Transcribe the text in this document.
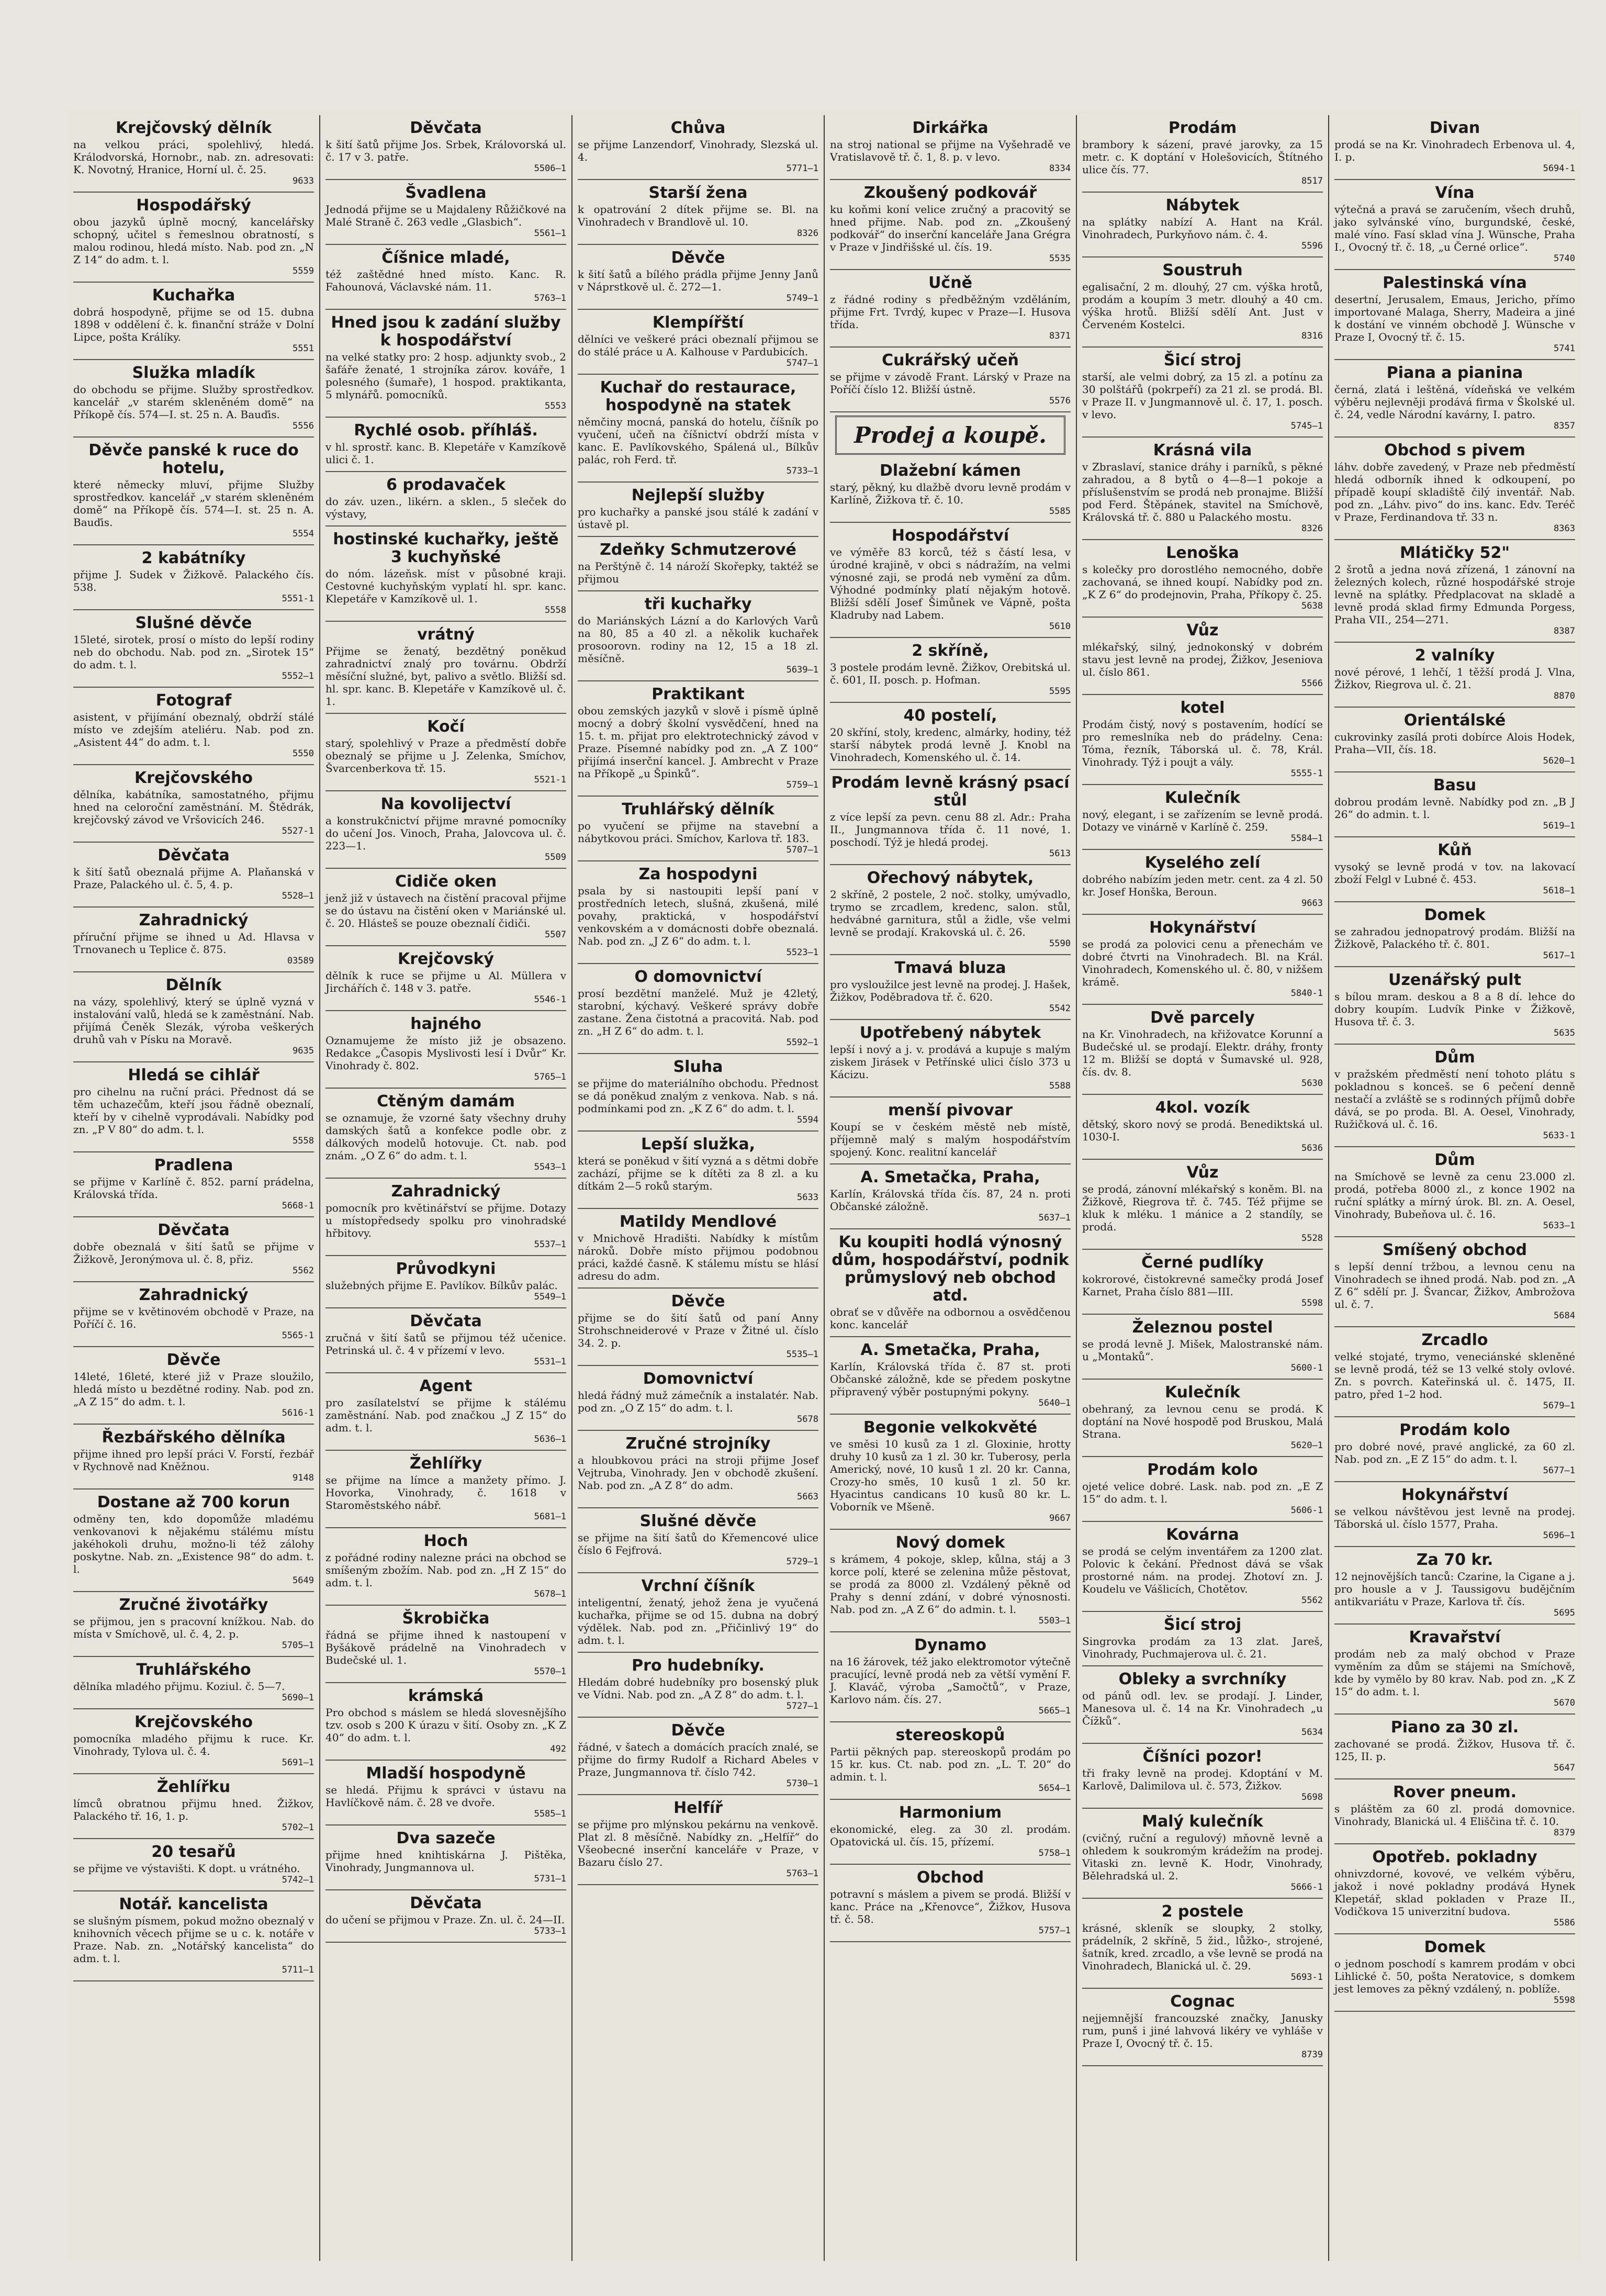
Krejčovský dělník
na velkou práci, spolehlivý, hledá. Králodvorská, Hornobr., nab. zn. adresovati: K. Novotný, Hranice, Horní ul. č. 25.
9633
Hospodářský
obou jazyků úplně mocný, kancelářsky schopný, učitel s řemeslnou obratností, s malou rodinou, hledá místo. Nab. pod zn. „N Z 14“ do adm. t. l.
5559
Kuchařka
dobrá hospodyně, přijme se od 15. dubna 1898 v oddělení č. k. finanční stráže v Dolní Lipce, pošta Králíky.
5551
Služka mladík
do obchodu se přijme. Služby sprostředkov. kancelář „v starém skleněném domě“ na Příkopě čís. 574—I. st. 25 n. A. Bauďis.
5556
Děvče panské k ruce do hotelu,
které německy mluví, přijme Služby sprostředkov. kancelář „v starém skleněném domě“ na Příkopě čís. 574—I. st. 25 n. A. Bauďis.
5554
2 kabátníky
přijme J. Sudek v Žižkově. Palackého čís. 538.
5551-1
Slušné děvče
15leté, sirotek, prosí o místo do lepší rodiny neb do obchodu. Nab. pod zn. „Sirotek 15“ do adm. t. l.
5552—1
Fotograf
asistent, v přijímání obeznalý, obdrží stálé místo ve zdejším ateliéru. Nab. pod zn. „Asistent 44“ do adm. t. l.
5550
Krejčovského
dělníka, kabátníka, samostatného, přijmu hned na celoroční zaměstnání. M. Štědrák, krejčovský závod ve Vršovicích 246.
5527-1
Děvčata
k šití šatů obeznalá přijme A. Plaňanská v Praze, Palackého ul. č. 5, 4. p.
5528—1
Zahradnický
příruční přijme se ihned u Ad. Hlavsa v Trnovanech u Teplice č. 875.
03589
Dělník
na vázy, spolehlivý, který se úplně vyzná v instalování valů, hledá se k zaměstnání. Nab. přijímá Čeněk Slezák, výroba veškerých druhů vah v Písku na Moravě.
9635
Hledá se cihlář
pro cihelnu na ruční práci. Přednost dá se těm uchazečům, kteří jsou řádně obeznalí, kteří by v cihelně vyprodávali. Nabídky pod zn. „P V 80“ do adm. t. l.
5558
Pradlena
se přijme v Karlíně č. 852. parní prádelna, Královská třída.
5668-1
Děvčata
dobře obeznalá v šití šatů se přijme v Žižkově, Jeronýmova ul. č. 8, přiz.
5562
Zahradnický
přijme se v květinovém obchodě v Praze, na Poříčí č. 16.
5565-1
Děvče
14leté, 16leté, které již v Praze sloužilo, hledá místo u bezdětné rodiny. Nab. pod zn. „A Z 15“ do adm. t. l.
5616-1
Řezbářského dělníka
přijme ihned pro lepší práci V. Forstí, řezbář v Rychnově nad Kněžnou.
9148
Dostane až 700 korun
odměny ten, kdo dopomůže mladému venkovanovi k nějakému stálému místu jakéhokoli druhu, možno-li též zálohy poskytne. Nab. zn. „Existence 98“ do adm. t. l.
5649
Zručné životářky
se přijmou, jen s pracovní knížkou. Nab. do místa v Smíchově, ul. č. 4, 2. p.
5705—1
Truhlářského
dělníka mladého přijmu. Koziul. č. 5—7.
5690—1
Krejčovského
pomocníka mladého přijmu k ruce. Kr. Vinohrady, Tylova ul. č. 4.
5691—1
Žehlířku
límců obratnou přijmu hned. Žižkov, Palackého tř. 16, 1. p.
5702—1
20 tesařů
se přijme ve výstavišti. K dopt. u vrátného.
5742—1
Notář. kancelista
se slušným písmem, pokud možno obeznalý v knihovních věcech přijme se u c. k. notáře v Praze. Nab. zn. „Notářský kancelista“ do adm. t. l.
5711—1
Děvčata
k šití šatů přijme Jos. Srbek, Královorská ul. č. 17 v 3. patře.
5506—1
Švadlena
Jednodá přijme se u Majdaleny Růžičkové na Malé Straně č. 263 vedle „Glasbich“.
5561—1
Číšnice mladé,
též zaštědné hned místo. Kanc. R. Fahounová, Václavské nám. 11.
5763—1
Hned jsou k zadání služby k hospodářství
na velké statky pro: 2 hosp. adjunkty svob., 2 šafáře ženaté, 1 strojníka zárov. kováře, 1 polesného (šumaře), 1 hospod. praktikanta, 5 mlynářů. pomocníků.
5553
Rychlé osob. příhláš.
v hl. sprostř. kanc. B. Klepetáře v Kamzíkově ulici č. 1.
6 prodavaček
do záv. uzen., likérn. a sklen., 5 sleček do výstavy,
hostinské kuchařky, ještě 3 kuchyňské
do nóm. lázeňsk. míst v působné kraji. Cestovné kuchyňským vyplatí hl. spr. kanc. Klepetáře v Kamzíkově ul. 1.
5558
vrátný
Přijme se ženatý, bezdětný poněkud zahradnictví znalý pro továrnu. Obdrží měsíční služné, byt, palivo a světlo. Bližší sd. hl. spr. kanc. B. Klepetáře v Kamzíkově ul. č. 1.
Kočí
starý, spolehlivý v Praze a předměstí dobře obeznalý se přijme u J. Zelenka, Smíchov, Švarcenberkova tř. 15.
5521-1
Na kovolijectví
a konstrukčnictví přijme mravné pomocníky do učení Jos. Vinoch, Praha, Jalovcova ul. č. 223—1.
5509
Cidiče oken
jenž již v ústavech na čistění pracoval přijme se do ústavu na čistění oken v Mariánské ul. č. 20. Hlásteš se pouze obeznalí čidiči.
5507
Krejčovský
dělník k ruce se přijme u Al. Müllera v Jirchářích č. 148 v 3. patře.
5546-1
hajného
Oznamujeme že místo již je obsazeno. Redakce „Časopis Myslivosti lesí i Dvůr“ Kr. Vinohrady č. 802.
5765—1
Ctěným damám
se oznamuje, že vzorné šaty všechny druhy damských šatů a konfekce podle obr. z dálkových modelů hotovuje. Ct. nab. pod znám. „O Z 6“ do adm. t. l.
5543—1
Zahradnický
pomocník pro květinářství se přijme. Dotazy u místopředsedy spolku pro vinohradské hřbitovy.
5537—1
Průvodkyni
služebných přijme E. Pavlíkov. Bílkův palác.
5549—1
Děvčata
zručná v šití šatů se přijmou též učenice. Petrinská ul. č. 4 v přízemí v levo.
5531—1
Agent
pro zasílatelství se přijme k stálému zaměstnání. Nab. pod značkou „J Z 15“ do adm. t. l.
5636—1
Žehlířky
se přijme na límce a manžety přímo. J. Hovorka, Vinohrady, č. 1618 v Staroměstského nábř.
5681—1
Hoch
z pořádné rodiny nalezne práci na obchod se smíšeným zbožím. Nab. pod zn. „H Z 15“ do adm. t. l.
5678—1
Škrobička
řádná se přijme ihned k nastoupení v Byšákově prádelně na Vinohradech v Budečské ul. 1.
5570—1
krámská
Pro obchod s máslem se hledá slovesnějšího tzv. osob s 200 K úrazu v šití. Osoby zn. „K Z 40“ do adm. t. l.
492
Mladší hospodyně
se hledá. Přijmu k správci v ústavu na Havlíčkově nám. č. 28 ve dvoře.
5585—1
Dva sazeče
přijme hned knihtiskárna J. Pištěka, Vinohrady, Jungmannova ul.
5731—1
Děvčata
do učení se přijmou v Praze. Zn. ul. č. 24—II.
5733—1
Chůva
se přijme Lanzendorf, Vinohrady, Slezská ul. 4.
5771—1
Starší žena
k opatrování 2 dítek přijme se. Bl. na Vinohradech v Brandlově ul. 10.
8326
Děvče
k šití šatů a bílého prádla přijme Jenny Janů v Náprstkově ul. č. 272—1.
5749—1
Klempířští
dělníci ve veškeré práci obeznalí přijmou se do stálé práce u A. Kalhouse v Pardubicích.
5747—1
Kuchař do restaurace, hospodyně na statek
němčiny mocná, panská do hotelu, číšník po vyučení, učeň na číšnictví obdrží místa v kanc. E. Pavlíkovského, Spálená ul., Bílkův palác, roh Ferd. tř.
5733—1
Nejlepší služby
pro kuchařky a panské jsou stálé k zadání v ústavě pl.
Zdeňky Schmutzerové
na Perštýně č. 14 nároží Skořepky, taktéž se přijmou
tři kuchařky
do Mariánských Lázní a do Karlových Varů na 80, 85 a 40 zl. a několik kuchařek prosoorovn. rodiny na 12, 15 a 18 zl. měsíčně.
5639—1
Praktikant
obou zemských jazyků v slově i písmě úplně mocný a dobrý školní vysvědčení, hned na 15. t. m. přijat pro elektrotechnický závod v Praze. Písemné nabídky pod zn. „A Z 100“ přijímá inserční kancel. J. Ambrecht v Praze na Příkopě „u Špinků“.
5759—1
Truhlářský dělník
po vyučení se přijme na stavební a nábytkovou práci. Smíchov, Karlova tř. 183.
5707—1
Za hospodyni
psala by si nastoupiti lepší paní v prostředních letech, slušná, zkušená, milé povahy, praktická, v hospodářství venkovském a v domácnosti dobře obeznalá. Nab. pod zn. „J Z 6“ do adm. t. l.
5523—1
O domovnictví
prosí bezdětní manželé. Muž je 42letý, starobní, kýchavý. Veškeré správy dobře zastane. Žena čistotná a pracovitá. Nab. pod zn. „H Z 6“ do adm. t. l.
5592—1
Sluha
se přijme do materiálního obchodu. Přednost se dá poněkud znalým z venkova. Nab. s ná. podmínkami pod zn. „K Z 6“ do adm. t. l.
5594
Lepší služka,
která se poněkud v šití vyzná a s dětmi dobře zachází, přijme se k dítěti za 8 zl. a ku dítkám 2—5 roků starým.
5633
Matildy Mendlové
v Mnichově Hradišti. Nabídky k místům nároků. Dobře místo přijmou podobnou práci, každé časně. K stálemu místu se hlásí adresu do adm.
Děvče
přijme se do šití šatů od paní Anny Strohschneiderové v Praze v Žitné ul. číslo 34. 2. p.
5535—1
Domovnictví
hledá řádný muž zámečník a instalatér. Nab. pod zn. „O Z 15“ do adm. t. l.
5678
Zručné strojníky
a hloubkovou práci na stroji přijme Josef Vejtruba, Vinohrady. Jen v obchodě zkušení. Nab. pod zn. „A Z 8“ do adm.
5663
Slušné děvče
se přijme na šití šatů do Křemencové ulice číslo 6 Fejfrová.
5729—1
Vrchní číšník
inteligentní, ženatý, jehož žena je vyučená kuchařka, přijme se od 15. dubna na dobrý výdělek. Nab. pod zn. „Přičinlivý 19“ do adm. t. l.
Pro hudebníky.
Hledám dobré hudebníky pro bosenský pluk ve Vídni. Nab. pod zn. „A Z 8“ do adm. t. l.
5727—1
Děvče
řádné, v šatech a domácích pracích znalé, se přijme do firmy Rudolf a Richard Abeles v Praze, Jungmannova tř. číslo 742.
5730—1
Helfíř
se přijme pro mlýnskou pekárnu na venkově. Plat zl. 8 měsíčně. Nabídky zn. „Helfíř“ do Všeobecné inserční kanceláře v Praze, v Bazaru číslo 27.
5763—1
Dirkářka
na stroj national se přijme na Vyšehradě ve Vratislavově tř. č. 1, 8. p. v levo.
8334
Zkoušený podkovář
ku koňmi koní velice zručný a pracovitý se hned přijme. Nab. pod zn. „Zkoušený podkovář“ do inserční kanceláře Jana Grégra v Praze v Jindřišské ul. čís. 19.
5535
Učně
z řádné rodiny s předběžným vzděláním, přijme Frt. Tvrdý, kupec v Praze—I. Husova třída.
8371
Cukrářský učeň
se přijme v závodě Frant. Lárský v Praze na Poříčí číslo 12. Bližší ústně.
5576
Prodej a koupě.
Dlažební kámen
starý, pěkný, ku dlažbě dvoru levně prodám v Karlíně, Žižkova tř. č. 10.
5585
Hospodářství
ve výměře 83 korců, též s částí lesa, v úrodné krajině, v obci s nádražím, na velmi výnosné zaji, se prodá neb vymění za dům. Výhodné podmínky platí nějakým hotově. Bližší sdělí Josef Šimůnek ve Vápně, pošta Kladruby nad Labem.
5610
2 skříně,
3 postele prodám levně. Žižkov, Orebitská ul. č. 601, II. posch. p. Hofman.
5595
40 postelí,
20 skříní, stoly, kredenc, almárky, hodiny, též starší nábytek prodá levně J. Knobl na Vinohradech, Komenského ul. č. 14.
Prodám levně krásný psací stůl
z více lepší za pevn. cenu 88 zl. Adr.: Praha II., Jungmannova třída č. 11 nové, 1. poschodí. Týž je hledá prodej.
5613
Ořechový nábytek,
2 skříně, 2 postele, 2 noč. stolky, umývadlo, trymo se zrcadlem, kredenc, salon. stůl, hedvábné garnitura, stůl a židle, vše velmi levně se prodají. Krakovská ul. č. 26.
5590
Tmavá bluza
pro vysloužilce jest levně na prodej. J. Hašek, Žižkov, Poděbradova tř. č. 620.
5542
Upotřebený nábytek
lepší i nový a j. v. prodává a kupuje s malým ziskem Jirásek v Petřínské ulici číslo 373 u Kácizu.
5588
menší pivovar
Koupí se v českém městě neb místě, příjemně malý s malým hospodářstvím spojený. Konc. realitní kancelář
A. Smetačka, Praha,
Karlín, Královská třída čís. 87, 24 n. proti Občanské záložně.
5637—1
Ku koupiti hodlá výnosný dům, hospodářství, podnik průmyslový neb obchod atd.
obrať se v důvěře na odbornou a osvědčenou konc. kancelář
A. Smetačka, Praha,
Karlín, Královská třída č. 87 st. proti Občanské záložně, kde se předem poskytne připravený výběr postupnými pokyny.
5640—1
Begonie velkokvěté
ve směsi 10 kusů za 1 zl. Gloxinie, hrotty druhy 10 kusů za 1 zl. 30 kr. Tuberosy, perla Americký, nové, 10 kusů 1 zl. 20 kr. Canna, Crozy-ho směs, 10 kusů 1 zl. 50 kr. Hyacintus candicans 10 kusů 80 kr. L. Voborník ve Mšeně.
9667
Nový domek
s krámem, 4 pokoje, sklep, kůlna, stáj a 3 korce polí, které se zelenina může pěstovat, se prodá za 8000 zl. Vzdálený pěkně od Prahy s denní zdání, v dobré výnosnosti. Nab. pod zn. „A Z 6“ do admin. t. l.
5503—1
Dynamo
na 16 žárovek, též jako elektromotor výtečně pracující, levně prodá neb za větší vymění F. J. Klaváč, výroba „Samočtů“, v Praze, Karlovo nám. čís. 27.
5665—1
stereoskopů
Partii pěkných pap. stereoskopů prodám po 15 kr. kus. Ct. nab. pod zn. „L. T. 20“ do admin. t. l.
5654—1
Harmonium
ekonomické, eleg. za 30 zl. prodám. Opatovická ul. čís. 15, přízemí.
5758—1
Obchod
potravní s máslem a pivem se prodá. Bližší v kanc. Práce na „Křenovce“, Žižkov, Husova tř. č. 58.
5757—1
Prodám
brambory k sázení, pravé jarovky, za 15 metr. c. K doptání v Holešovicích, Štítného ulice čís. 77.
8517
Nábytek
na splátky nabízí A. Hant na Král. Vinohradech, Purkyňovo nám. č. 4.
5596
Soustruh
egalisační, 2 m. dlouhý, 27 cm. výška hrotů, prodám a koupím 3 metr. dlouhý a 40 cm. výška hrotů. Bližší sdělí Ant. Just v Červeném Kostelci.
8316
Šicí stroj
starší, ale velmi dobrý, za 15 zl. a potínu za 30 polštářů (pokrpeří) za 21 zl. se prodá. Bl. v Praze II. v Jungmannově ul. č. 17, 1. posch. v levo.
5745—1
Krásná vila
v Zbraslaví, stanice dráhy i parníků, s pěkné zahradou, a 8 bytů o 4—8—1 pokoje a příslušenstvím se prodá neb pronajme. Bližší pod Ferd. Štěpánek, stavitel na Smíchově, Královská tř. č. 880 u Palackého mostu.
8326
Lenoška
s kolečky pro dorostlého nemocného, dobře zachovaná, se ihned koupí. Nabídky pod zn. „K Z 6“ do prodejnovin, Praha, Příkopy č. 25.
5638
Vůz
mlékařský, silný, jednokonský v dobrém stavu jest levně na prodej, Žižkov, Jeseniova ul. číslo 861.
5566
kotel
Prodám čistý, nový s postavením, hodící se pro remeslníka neb do prádelny. Cena: Tóma, řezník, Táborská ul. č. 78, Král. Vinohrady. Týž i poujt a vály.
5555-1
Kulečník
nový, elegant, i se zařízením se levně prodá. Dotazy ve vinárně v Karlíně č. 259.
5584—1
Kyselého zelí
dobrého nabízím jeden metr. cent. za 4 zl. 50 kr. Josef Honška, Beroun.
9663
Hokynářství
se prodá za polovici cenu a přenechám ve dobré čtvrti na Vinohradech. Bl. na Král. Vinohradech, Komenského ul. č. 80, v nižšem krámě.
5840-1
Dvě parcely
na Kr. Vinohradech, na křižovatce Korunní a Budečské ul. se prodají. Elektr. dráhy, fronty 12 m. Bližší se doptá v Šumavské ul. 928, čís. dv. 8.
5630
4kol. vozík
dětský, skoro nový se prodá. Benediktská ul. 1030-I.
5636
Vůz
se prodá, zánovní mlékařský s koněm. Bl. na Žižkově, Riegrova tř. č. 745. Též přijme se kluk k mléku. 1 mánice a 2 standíly, se prodá.
5528
Černé pudlíky
kokrorové, čistokrevné samečky prodá Josef Karnet, Praha číslo 881—III.
5598
Železnou postel
se prodá levně J. Mišek, Malostranské nám. u „Montaků“.
5600-1
Kulečník
obehraný, za levnou cenu se prodá. K doptání na Nové hospodě pod Bruskou, Malá Strana.
5620—1
Prodám kolo
ojeté velice dobré. Lask. nab. pod zn. „E Z 15“ do adm. t. l.
5606-1
Kovárna
se prodá se celým inventářem za 1200 zlat. Polovic k čekání. Přednost dává se však prostorné nám. na prodej. Zhotoví zn. J. Koudelu ve Vášlicích, Chotětov.
5562
Šicí stroj
Singrovka prodám za 13 zlat. Jareš, Vinohrady, Puchmajerova ul. č. 21.
Obleky a svrchníky
od pánů odl. lev. se prodají. J. Linder, Manesova ul. č. 14 na Kr. Vinohradech „u Čížků“.
5634
Číšníci pozor!
tři fraky levně na prodej. Kdoptání v M. Karlově, Dalimilova ul. č. 573, Žižkov.
5698
Malý kulečník
(cvičný, ruční a regulový) mňovně levně a ohledem k soukromým krádežím na prodej. Vitaski zn. levně K. Hodr, Vinohrady, Bělehradská ul. 2.
5666-1
2 postele
krásné, skleník se sloupky, 2 stolky, prádelník, 2 skříně, 5 žid., lůžko-, strojené, šatník, kred. zrcadlo, a vše levně se prodá na Vinohradech, Blanická ul. č. 29.
5693-1
Cognac
nejjemnější francouzské značky, Janusky rum, punš i jiné lahvová likéry ve vyhláše v Praze I, Ovocný tř. č. 15.
8739
Divan
prodá se na Kr. Vinohradech Erbenova ul. 4, I. p.
5694-1
Vína
výtečná a pravá se zaručením, všech druhů, jako sylvánské víno, burgundské, české, malé víno. Fasí sklad vína J. Wünsche, Praha I., Ovocný tř. č. 18, „u Černé orlice“.
5740
Palestinská vína
desertní, Jerusalem, Emaus, Jericho, přímo importované Malaga, Sherry, Madeira a jiné k dostání ve vinném obchodě J. Wünsche v Praze I, Ovocný tř. č. 15.
5741
Piana a pianina
černá, zlatá i leštěná, vídeňská ve velkém výběru nejlevněji prodává firma v Školské ul. č. 24, vedle Národní kavárny, I. patro.
8357
Obchod s pivem
láhv. dobře zavedený, v Praze neb předměstí hledá odborník ihned k odkoupení, po případě koupí skladiště čilý inventář. Nab. pod zn. „Láhv. pivo“ do ins. kanc. Edv. Teréč v Praze, Ferdinandova tř. 33 n.
8363
Mlátičky 52"
2 šrotů a jedna nová zřízená, 1 zánovní na železných kolech, různé hospodářské stroje levně na splátky. Předplacovat na skladě a levně prodá sklad firmy Edmunda Porgess, Praha VII., 254—271.
8387
2 valníky
nové pérové, 1 lehčí, 1 těžší prodá J. Vlna, Žižkov, Riegrova ul. č. 21.
8870
Orientálské
cukrovinky zasílá proti dobírce Alois Hodek, Praha—VII, čís. 18.
5620—1
Basu
dobrou prodám levně. Nabídky pod zn. „B J 26“ do admin. t. l.
5619—1
Kůň
vysoký se levně prodá v tov. na lakovací zboží Felgl v Lubné č. 453.
5618—1
Domek
se zahradou jednopatrový prodám. Bližší na Žižkově, Palackého tř. č. 801.
5617—1
Uzenářský pult
s bílou mram. deskou a 8 a 8 dí. lehce do dobry koupím. Ludvík Pinke v Žižkově, Husova tř. č. 3.
5635
Dům
v pražském předměstí není tohoto plátu s pokladnou s konceš. se 6 pečení denně nestačí a zvláště se s rodinných příjmů dobře dává, se po proda. Bl. A. Oesel, Vinohrady, Ružičková ul. č. 16.
5633-1
Dům
na Smíchově se levně za cenu 23.000 zl. prodá, potřeba 8000 zl., z konce 1902 na ruční splátky a mírný úrok. Bl. zn. A. Oesel, Vinohrady, Bubeňova ul. č. 16.
5633—1
Smíšený obchod
s lepší denní tržbou, a levnou cenu na Vinohradech se ihned prodá. Nab. pod zn. „A Z 6“ sdělí pr. J. Švancar, Žižkov, Ambrožova ul. č. 7.
5684
Zrcadlo
velké stojaté, trymo, veneciánské skleněné se levně prodá, též se 13 velké stoly ovlové. Zn. s povrch. Kateřinská ul. č. 1475, II. patro, před 1–2 hod.
5679—1
Prodám kolo
pro dobré nové, pravé anglické, za 60 zl. Nab. pod zn. „E Z 15“ do adm. t. l.
5677—1
Hokynářství
se velkou návštěvou jest levně na prodej. Táborská ul. číslo 1577, Praha.
5696—1
Za 70 kr.
12 nejnovějších tanců: Czarine, la Cigane a j. pro housle a v J. Taussigovu budějčním antikvariátu v Praze, Karlova tř. čís.
5695
Kravařství
prodám neb za malý obchod v Praze vyměním za dům se stájemi na Smíchově, kde by vymělo by 80 krav. Nab. pod zn. „K Z 15“ do adm. t. l.
5670
Piano za 30 zl.
zachované se prodá. Žižkov, Husova tř. č. 125, II. p.
5647
Rover pneum.
s pláštěm za 60 zl. prodá domovnice. Vinohrady, Blanická ul. 4 Eliščina tř. č. 10.
8379
Opotřeb. pokladny
ohnivzdorné, kovové, ve velkém výběru, jakož i nové pokladny prodává Hynek Klepetář, sklad pokladen v Praze II., Vodičkova 15 univerzitní budova.
5586
Domek
o jednom poschodí s kamrem prodám v obci Lihlické č. 50, pošta Neratovice, s domkem jest lemoves za pěkný vzdálený, n. poblíže.
5598
